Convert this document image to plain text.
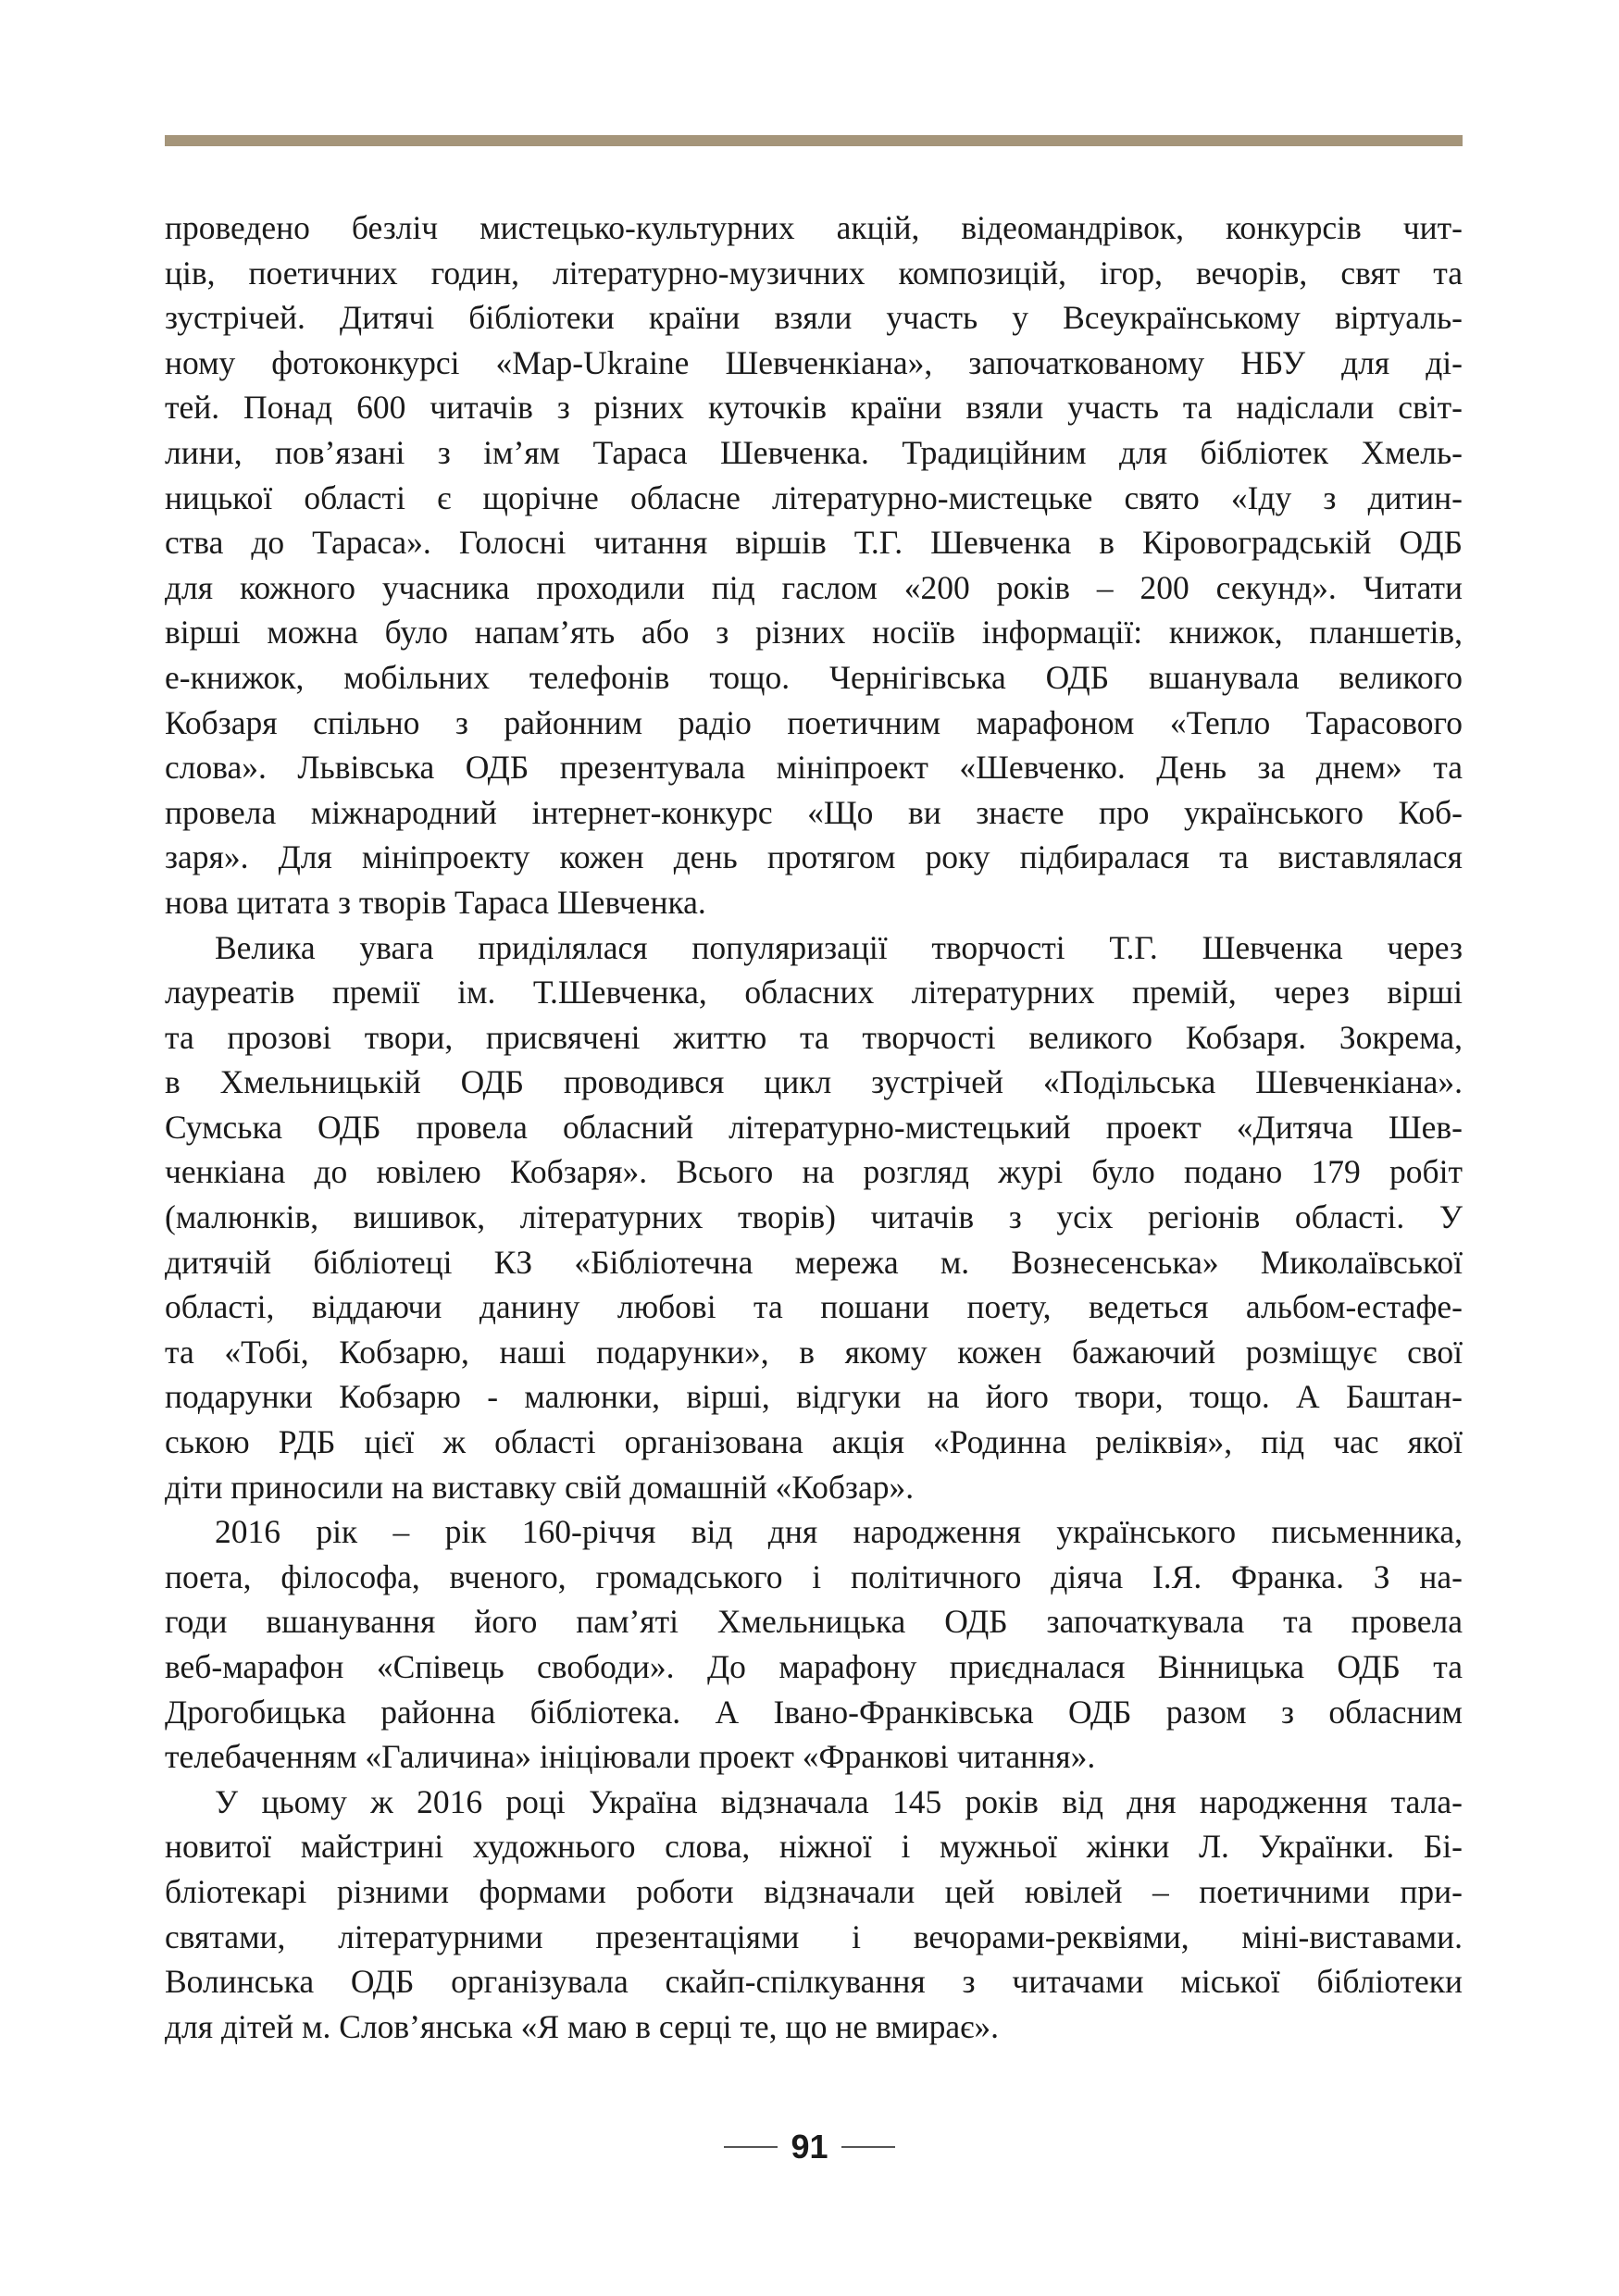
проведено безліч мистецько-культурних акцій, відеомандрівок, конкурсів чит-
ців, поетичних годин, літературно-музичних композицій, ігор, вечорів, свят та
зустрічей. Дитячі бібліотеки країни взяли участь у Всеукраїнському віртуаль-
ному фотоконкурсі «Map-Ukraine Шевченкіана», започаткованому НБУ для ді-
тей. Понад 600 читачів з різних куточків країни взяли участь та надіслали світ-
лини, пов’язані з ім’ям Тараса Шевченка. Традиційним для бібліотек Хмель-
ницької області є щорічне обласне літературно-мистецьке свято «Іду з дитин-
ства до Тараса». Голосні читання віршів Т.Г. Шевченка в Кіровоградській ОДБ
для кожного учасника проходили під гаслом «200 років – 200 секунд». Читати
вірші можна було напам’ять або з різних носіїв інформації: книжок, планшетів,
е-книжок, мобільних телефонів тощо. Чернігівська ОДБ вшанувала великого
Кобзаря спільно з районним радіо поетичним марафоном «Тепло Тарасового
слова». Львівська ОДБ презентувала мініпроект «Шевченко. День за днем» та
провела міжнародний інтернет-конкурс «Що ви знаєте про українського Коб-
заря». Для мініпроекту кожен день протягом року підбиралася та виставлялася
нова цитата з творів Тараса Шевченка.

Велика увага приділялася популяризації творчості Т.Г. Шевченка через
лауреатів премії ім. Т.Шевченка, обласних літературних премій, через вірші
та прозові твори, присвячені життю та творчості великого Кобзаря. Зокрема,
в Хмельницькій ОДБ проводився цикл зустрічей «Подільська Шевченкіана».
Сумська ОДБ провела обласний літературно-мистецький проект «Дитяча Шев-
ченкіана до ювілею Кобзаря». Всього на розгляд журі було подано 179 робіт
(малюнків, вишивок, літературних творів) читачів з усіх регіонів області. У
дитячій бібліотеці КЗ «Бібліотечна мережа м. Вознесенська» Миколаївської
області, віддаючи данину любові та пошани поету, ведеться альбом-естафе-
та «Тобі, Кобзарю, наші подарунки», в якому кожен бажаючий розміщує свої
подарунки Кобзарю - малюнки, вірші, відгуки на його твори, тощо. А Баштан-
ською РДБ цієї ж області організована акція «Родинна реліквія», під час якої
діти приносили на виставку свій домашній «Кобзар».

2016 рік – рік 160-річчя від дня народження українського письменника,
поета, філософа, вченого, громадського і політичного діяча І.Я. Франка. З на-
годи вшанування його пам’яті Хмельницька ОДБ започаткувала та провела
веб-марафон «Співець свободи». До марафону приєдналася Вінницька ОДБ та
Дрогобицька районна бібліотека. А Івано-Франківська ОДБ разом з обласним
телебаченням «Галичина» ініціювали проект «Франкові читання».

У цьому ж 2016 році Україна відзначала 145 років від дня народження тала-
новитої майстрині художнього слова, ніжної і мужньої жінки Л. Українки. Бі-
бліотекарі різними формами роботи відзначали цей ювілей – поетичними при-
святами, літературними презентаціями і вечорами-реквіями, міні-виставами.
Волинська ОДБ організувала скайп-спілкування з читачами міської бібліотеки
для дітей м. Слов’янська «Я маю в серці те, що не вмирає».

91
